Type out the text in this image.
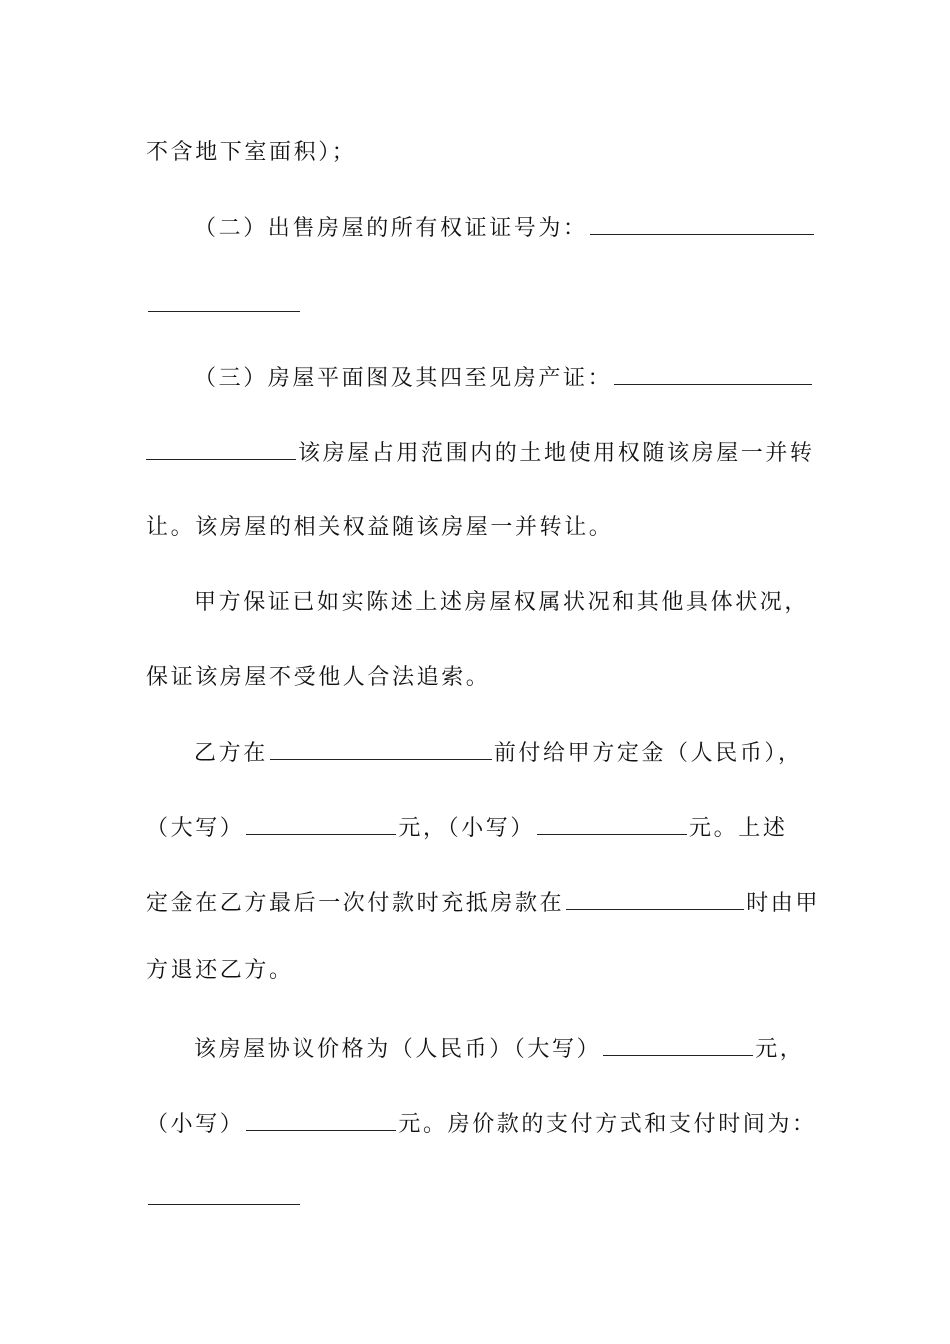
不含地下室面积）；
（二）出售房屋的所有权证证号为：
（三）房屋平面图及其四至见房产证：
该房屋占用范围内的土地使用权随该房屋一并转
让。该房屋的相关权益随该房屋一并转让。
甲方保证已如实陈述上述房屋权属状况和其他具体状况，
保证该房屋不受他人合法追索。
乙方在	前付给甲方定金（人民币），
（大写）	元，（小写）	元。上述
定金在乙方最后一次付款时充抵房款在	时由甲
方退还乙方。
该房屋协议价格为（人民币）（大写）	元，
（小写）	元。房价款的支付方式和支付时间为：
